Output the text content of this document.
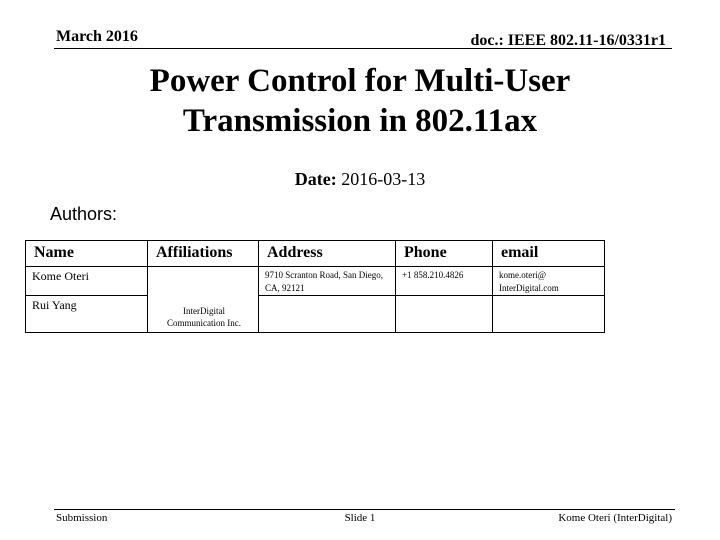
March 2016	doc.: IEEE 802.11-16/0331r1
Power Control for Multi-User
Transmission in 802.11ax
Date: 2016-03-13
Authors:
Name	Affiliations	Address	Phone	email
Kome Oteri	InterDigital Communication Inc.	9710 Scranton Road, San Diego, CA, 92121	+1 858.210.4826	kome.oteri@ InterDigital.com
Rui Yang				
Submission	Slide 1	Kome Oteri (InterDigital)
